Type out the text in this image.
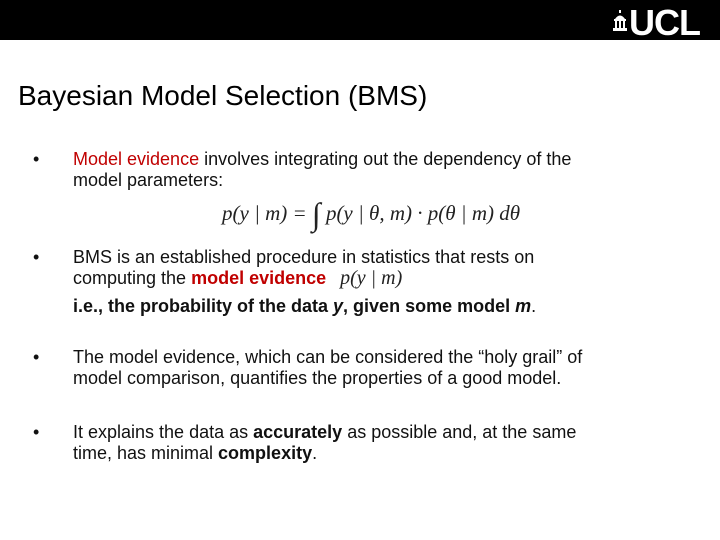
UCL
Bayesian Model Selection (BMS)
• Model evidence involves integrating out the dependency of the
model parameters:
p(y | m) = ∫ p(y | θ, m) · p(θ | m) dθ
• BMS is an established procedure in statistics that rests on
computing the model evidence p(y | m)
i.e., the probability of the data y, given some model m.
• The model evidence, which can be considered the “holy grail” of
model comparison, quantifies the properties of a good model.
• It explains the data as accurately as possible and, at the same
time, has minimal complexity.
